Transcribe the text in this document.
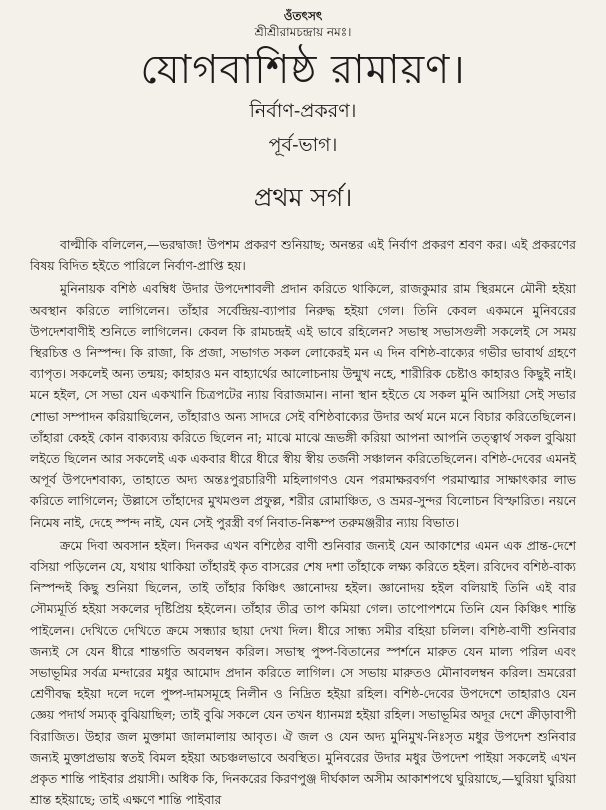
ওঁতৎসৎ
শ্রীশ্রীরামচন্দ্রায় নমঃ।
যোগবাশিষ্ঠ রামায়ণ।
নির্বাণ-প্রকরণ।
পূর্ব-ভাগ।
প্রথম সর্গ।

বাল্মীকি বলিলেন,—ভরদ্বাজ! উপশম প্রকরণ শুনিয়াছ; অনন্তর এই নির্বাণ প্রকরণ শ্রবণ কর। এই প্রকরণের বিষয় বিদিত হইতে পারিলে নির্বাণ-প্রাপ্তি হয়।

মুনিনায়ক বশিষ্ঠ এবম্বিধ উদার উপদেশাবলী প্রদান করিতে থাকিলে, রাজকুমার রাম স্থিরমনে মৌনী হইয়া অবস্থান করিতে লাগিলেন। তাঁহার সর্বেন্দ্রিয়-ব্যাপার নিরুদ্ধ হইয়া গেল। তিনি কেবল একমনে মুনিবরের উপদেশবাণীই শুনিতে লাগিলেন। কেবল কি রামচন্দ্রই এই ভাবে রহিলেন? সভাস্থ সভাসগুলী সকলেই সে সময় স্থিরচিত্ত ও নিস্পন্দ। কি রাজা, কি প্রজা, সভাগত সকল লোকেরই মন এ দিন বশিষ্ঠ-বাক্যের গভীর ভাবার্থ গ্রহণে ব্যাপৃত। সকলেই অন্য তন্ময়; কাহারও মন বাহ্যার্থের আলোচনায় উন্মুখ নহে, শারীরিক চেষ্টাও কাহারও কিছুই নাই। মনে হইল, সে সভা যেন একখানি চিত্রপটের ন্যায় বিরাজমান। নানা স্থান হইতে যে সকল মুনি আসিয়া সেই সভার শোভা সম্পাদন করিয়াছিলেন, তাঁহারাও অন্য সাদরে সেই বশিষ্ঠবাক্যের উদার অর্থ মনে মনে বিচার করিতেছিলেন। তাঁহারা কেহই কোন বাক্যব্যয় করিতে ছিলেন না; মাঝে মাঝে ভ্রূভঙ্গী করিয়া আপনা আপনি তত্ত্বার্থ সকল বুঝিয়া লইতে ছিলেন আর সকলেই এক একবার ধীরে ধীরে স্বীয় স্বীয় তর্জনী সঞ্চালন করিতেছিলেন। বশিষ্ঠ-দেবের এমনই অপূর্ব উপদেশবাক্য, তাহাতে অদ্য অন্তঃপুরচারিণী মহিলাগণও যেন পরমাক্ষরবর্গণ পরমাত্মার সাক্ষাৎকার লাভ করিতে লাগিলেন; উল্লাসে তাঁহাদের মুখমণ্ডল প্রফুল্ল, শরীর রোমাঞ্চিত, ও ভ্রমর-সুন্দর বিলোচন বিস্ফারিত। নয়নে নিমেষ নাই, দেহে স্পন্দ নাই, যেন সেই পুরস্ত্রী বর্গ নিবাত-নিষ্কম্প তরুমঞ্জরীর ন্যায় বিভাত।

ক্রমে দিবা অবসান হইল। দিনকর এখন বশিষ্ঠের বাণী শুনিবার জন্যই যেন আকাশের এমন এক প্রান্ত-দেশে বসিয়া পড়িলেন যে, যথায় থাকিয়া তাঁহারই কৃত বাসরের শেষ দশা তাঁহাকে লক্ষ্য করিতে হইল। রবিদেব বশিষ্ঠ-বাক্য নিস্পন্দই কিছু শুনিয়া ছিলেন, তাই তাঁহার কিঞ্চিৎ জ্ঞানোদয় হইল। জ্ঞানোদয় হইল বলিয়াই তিনি এই বার সৌম্যমূর্তি হইয়া সকলের দৃষ্টিপ্রিয় হইলেন। তাঁহার তীব্র তাপ কমিয়া গেল। তাপোপশমে তিনি যেন কিঞ্চিৎ শান্তি পাইলেন। দেখিতে দেখিতে ক্রমে সন্ধ্যার ছায়া দেখা দিল। ধীরে সান্ধ্য সমীর বহিয়া চলিল। বশিষ্ঠ-বাণী শুনিবার জন্যই সে যেন ধীরে শান্তগতি অবলম্বন করিল। সভাস্থ পুষ্প-বিতানের স্পর্শনে মারুত যেন মাল্য পরিল এবং সভাভূমির সর্বত্র মন্দারের মধুর আমোদ প্রদান করিতে লাগিল। সে সভায় মারুতও মৌনাবলম্বন করিল। ভ্রমরেরা শ্রেণীবদ্ধ হইয়া দলে দলে পুষ্প-দামসমূহে নিলীন ও নিদ্রিত হইয়া রহিল। বশিষ্ঠ-দেবের উপদেশে তাহারাও যেন জ্ঞেয় পদার্থ সম্যক্ বুঝিয়াছিল; তাই বুঝি সকলে যেন তখন ধ্যানমগ্ন হইয়া রহিল। সভাভূমির অদূর দেশে ক্রীড়াবাপী বিরাজিত। উহার জল মুক্তামা জালমালায় আবৃত। ঐ জল ও যেন অদ্য মুনিমুখ-নিঃসৃত মধুর উপদেশ শুনিবার জন্যই মুক্তাপ্রভায় স্বতই বিমল হইয়া অচঞ্চলভাবে অবস্থিত। মুনিবরের উদার মধুর উপদেশ পাইয়া সকলেই এখন প্রকৃত শান্তি পাইবার প্রয়াসী। অধিক কি, দিনকরের কিরণপুঞ্জ দীর্ঘকাল অসীম আকাশপথে ঘুরিয়াছে,—ঘুরিয়া ঘুরিয়া শ্রান্ত হইয়াছে; তাই এক্ষণে শান্তি পাইবার
